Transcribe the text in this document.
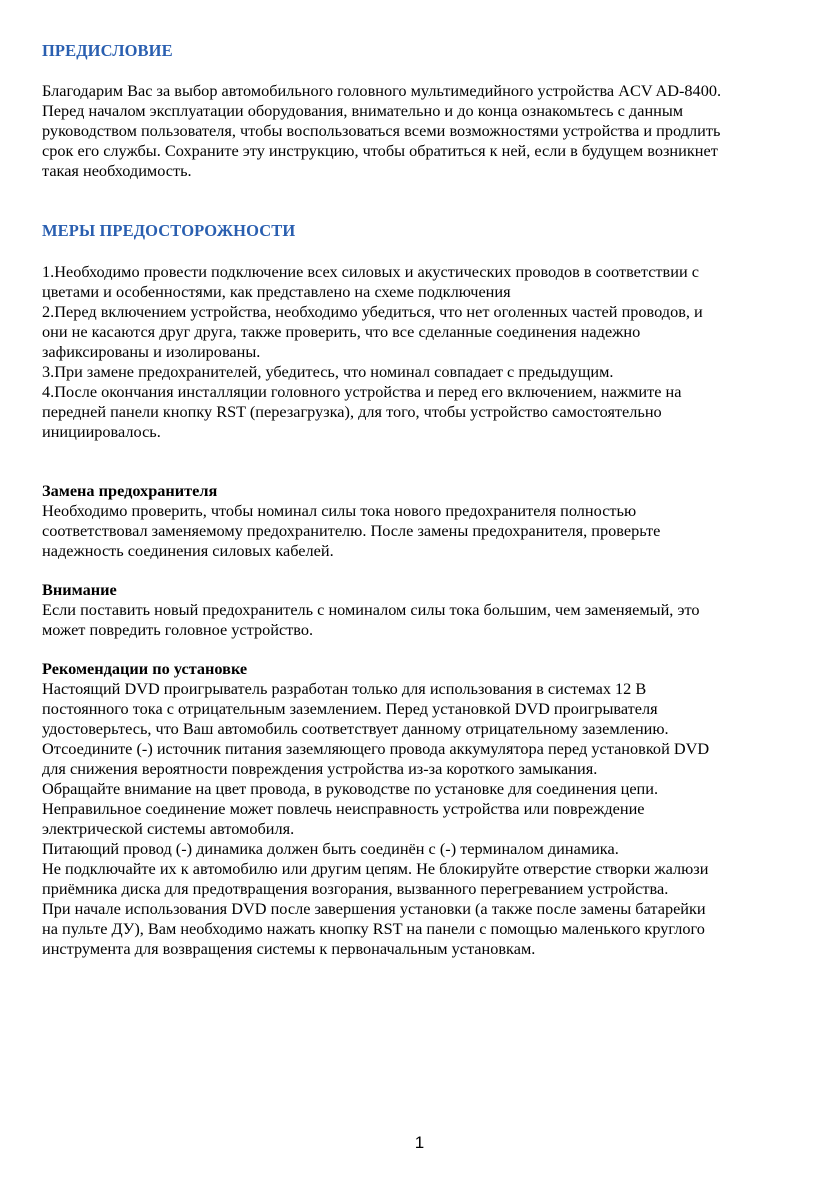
ПРЕДИСЛОВИЕ
Благодарим Вас за выбор автомобильного головного мультимедийного устройства ACV AD-8400.
Перед началом эксплуатации оборудования, внимательно и до конца ознакомьтесь с данным
руководством пользователя, чтобы воспользоваться всеми возможностями устройства и продлить
срок его службы. Сохраните эту инструкцию, чтобы обратиться к ней, если в будущем возникнет
такая необходимость.
МЕРЫ ПРЕДОСТОРОЖНОСТИ
1.Необходимо провести подключение всех силовых и акустических проводов в соответствии с
цветами и особенностями, как представлено на схеме подключения
2.Перед включением устройства, необходимо убедиться, что нет оголенных частей проводов, и
они не касаются друг друга, также проверить, что все сделанные соединения надежно
зафиксированы и изолированы.
3.При замене предохранителей, убедитесь, что номинал совпадает с предыдущим.
4.После окончания инсталляции головного устройства и перед его включением, нажмите на
передней панели кнопку RST (перезагрузка), для того, чтобы устройство самостоятельно
инициировалось.
Замена предохранителя
Необходимо проверить, чтобы номинал силы тока нового предохранителя полностью
соответствовал заменяемому предохранителю. После замены предохранителя, проверьте
надежность соединения силовых кабелей.
Внимание
Если поставить новый предохранитель с номиналом силы тока большим, чем заменяемый, это
может повредить головное устройство.
Рекомендации по установке
Настоящий DVD проигрыватель разработан только для использования в системах 12 В
постоянного тока с отрицательным заземлением. Перед установкой DVD проигрывателя
удостоверьтесь, что Ваш автомобиль соответствует данному отрицательному заземлению.
Отсоедините (-) источник питания заземляющего провода аккумулятора перед установкой DVD
для снижения вероятности повреждения устройства из-за короткого замыкания.
Обращайте внимание на цвет провода, в руководстве по установке для соединения цепи.
Неправильное соединение может повлечь неисправность устройства или повреждение
электрической системы автомобиля.
Питающий провод (-) динамика должен быть соединён с (-) терминалом динамика.
Не подключайте их к автомобилю или другим цепям. Не блокируйте отверстие створки жалюзи
приёмника диска для предотвращения возгорания, вызванного перегреванием устройства.
При начале использования DVD после завершения установки (а также после замены батарейки
на пульте ДУ), Вам необходимо нажать кнопку RST на панели с помощью маленького круглого
инструмента для возвращения системы к первоначальным установкам.
1
